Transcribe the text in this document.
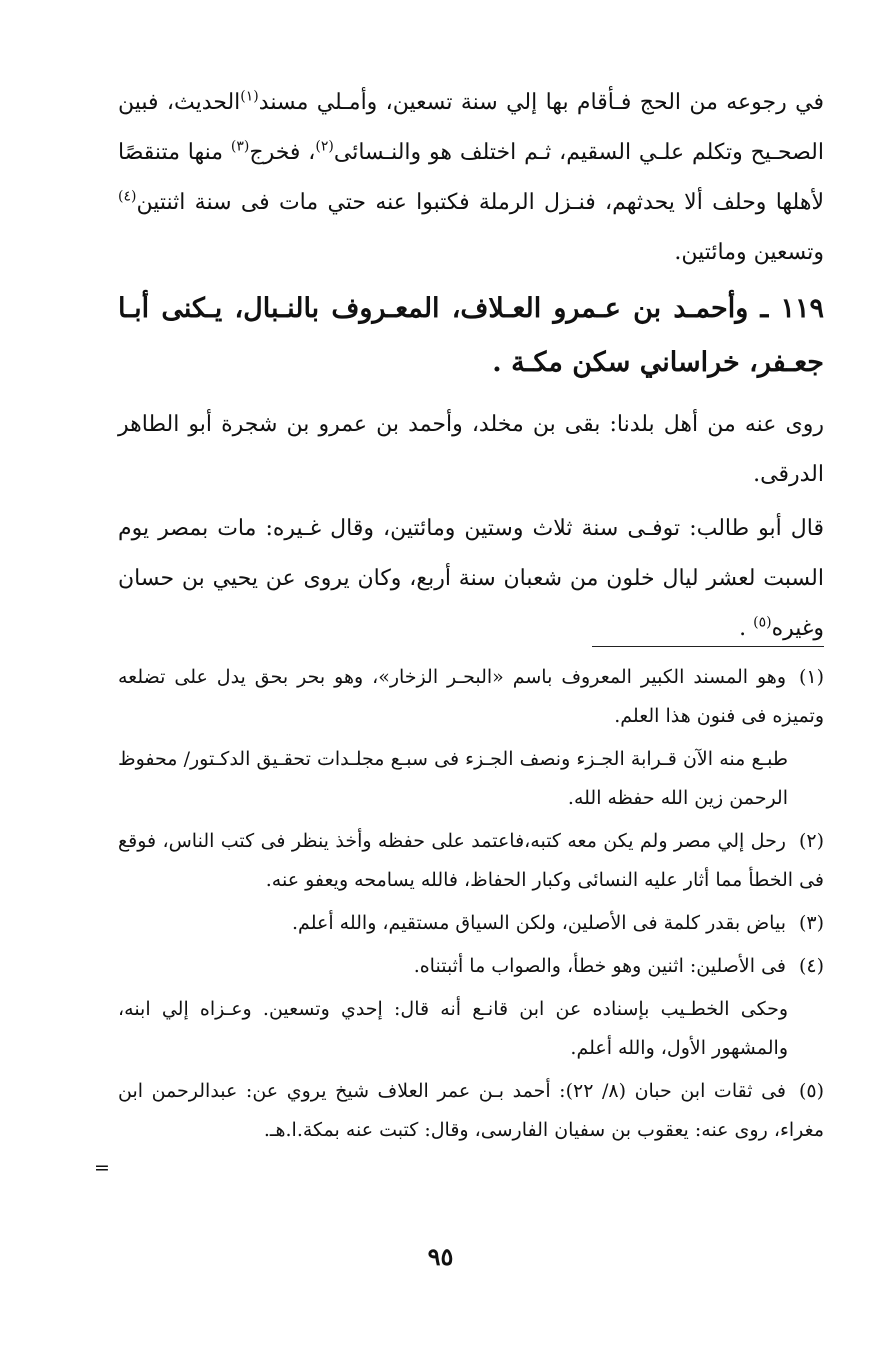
في رجوعه من الحج فـأقام بها إلي سنة تسعين، وأمـلي مسند$^{(١)}$الحديث، فبين الصحـيح وتكلم علـي السقيم، ثـم اختلف هو والنـسائى$^{(٢)}$، فخرج$^{(٣)}$ منها متنقصًا لأهلها وحلف ألا يحدثهم، فنـزل الرملة فكتبوا عنه حتي مات فى سنة اثنتين$^{(٤)}$ وتسعين ومائتين.

١١٩ ـ وأحمـد بن عـمرو العـلاف، المعـروف بالنـبال، يـكنى أبـا جعـفر، خراساني سكن مكـة .

روى عنه من أهل بلدنا: بقى بن مخلد، وأحمد بن عمرو بن شجرة أبو الطاهر الدرقى.

قال أبو طالب: توفـى سنة ثلاث وستين ومائتين، وقال غـيره: مات بمصر يوم السبت لعشر ليال خلون من شعبان سنة أربع، وكان يروى عن يحيي بن حسان وغيره$^{(٥)}$ .

(١)وهو المسند الكبير المعروف باسم «البحـر الزخار»، وهو بحر بحق يدل على تضلعه وتميزه فى فنون هذا العلم.

طبـع منه الآن قـرابة الجـزء ونصف الجـزء فى سبـع مجلـدات تحقـيق الدكـتور/ محفوظ الرحمن زين الله حفظه الله.

(٢)رحل إلي مصر ولم يكن معه كتبه،فاعتمد على حفظه وأخذ ينظر فى كتب الناس، فوقع فى الخطأ مما أثار عليه النسائى وكبار الحفاظ، فالله يسامحه ويعفو عنه.

(٣)بياض بقدر كلمة فى الأصلين، ولكن السياق مستقيم، والله أعلم.

(٤)فى الأصلين: اثنين وهو خطأ، والصواب ما أثبتناه.

وحكى الخطـيب بإسناده عن ابن قانـع أنه قال: إحدي وتسعين. وعـزاه إلي ابنه، والمشهور الأول، والله أعلم.

(٥)فى ثقات ابن حبان (٨/ ٢٢): أحمد بـن عمر العلاف شيخ يروي عن: عبدالرحمن ابن مغراء، روى عنه: يعقوب بن سفيان الفارسى، وقال: كتبت عنه بمكة.ا.هـ.

=
٩٥
